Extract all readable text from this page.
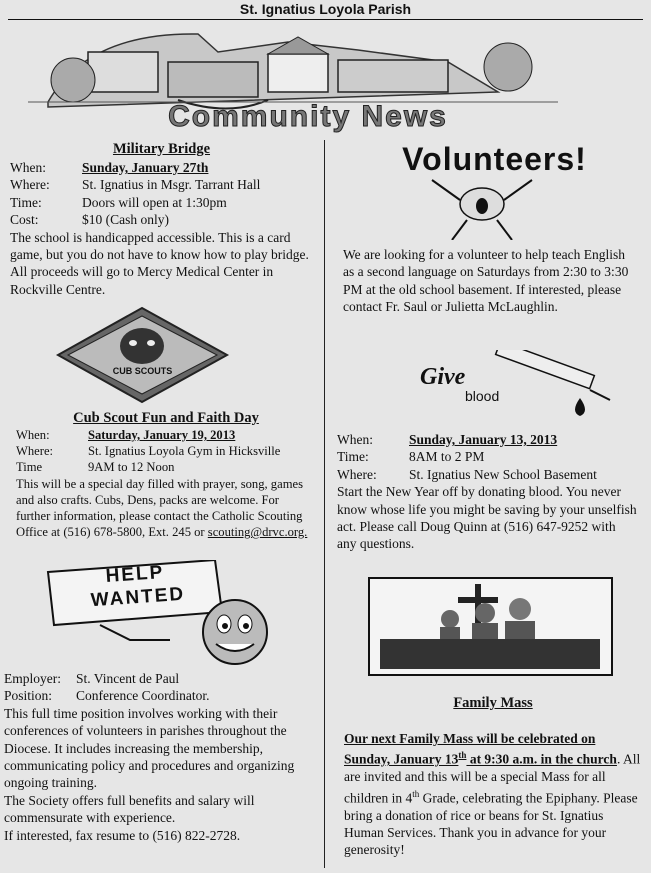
St. Ignatius Loyola Parish
Community News
Military Bridge
When:	Sunday, January 27th
Where:	St. Ignatius in Msgr. Tarrant Hall
Time:	Doors will open at 1:30pm
Cost:	$10 (Cash only)

The school is handicapped accessible. This is a card game, but you do not have to know how to play bridge. All proceeds will go to Mercy Medical Center in Rockville Centre.

CUB SCOUTS
Cub Scout Fun and Faith Day
When:	Saturday, January 19, 2013
Where:	St. Ignatius Loyola Gym in Hicksville
Time	9AM to 12 Noon

This will be a special day filled with prayer, song, games and also crafts. Cubs, Dens, packs are welcome. For further information, please contact the Catholic Scouting Office at (516) 678-5800, Ext. 245 or scouting@drvc.org.

HELP
WANTED
Employer:	St. Vincent de Paul
Position:	Conference Coordinator.

This full time position involves working with their conferences of volunteers in parishes throughout the Diocese. It includes increasing the membership, communicating policy and procedures and organizing ongoing training.

The Society offers full benefits and salary will commensurate with experience.

If interested, fax resume to (516) 822-2728.

Volunteers!

We are looking for a volunteer to help teach English as a second language on Saturdays from 2:30 to 3:30 PM at the old school basement. If interested, please contact Fr. Saul or Julietta McLaughlin.

Give
blood
When:	Sunday, January 13, 2013
Time:	8AM to 2 PM
Where:	St. Ignatius New School Basement

Start the New Year off by donating blood. You never know whose life you might be saving by your unselfish act. Please call Doug Quinn at (516) 647-9252 with any questions.

Family Mass

Our next Family Mass will be celebrated on Sunday, January 13th at 9:30 a.m. in the church. All are invited and this will be a special Mass for all children in 4th Grade, celebrating the Epiphany. Please bring a donation of rice or beans for St. Ignatius Human Services. Thank you in advance for your generosity!
